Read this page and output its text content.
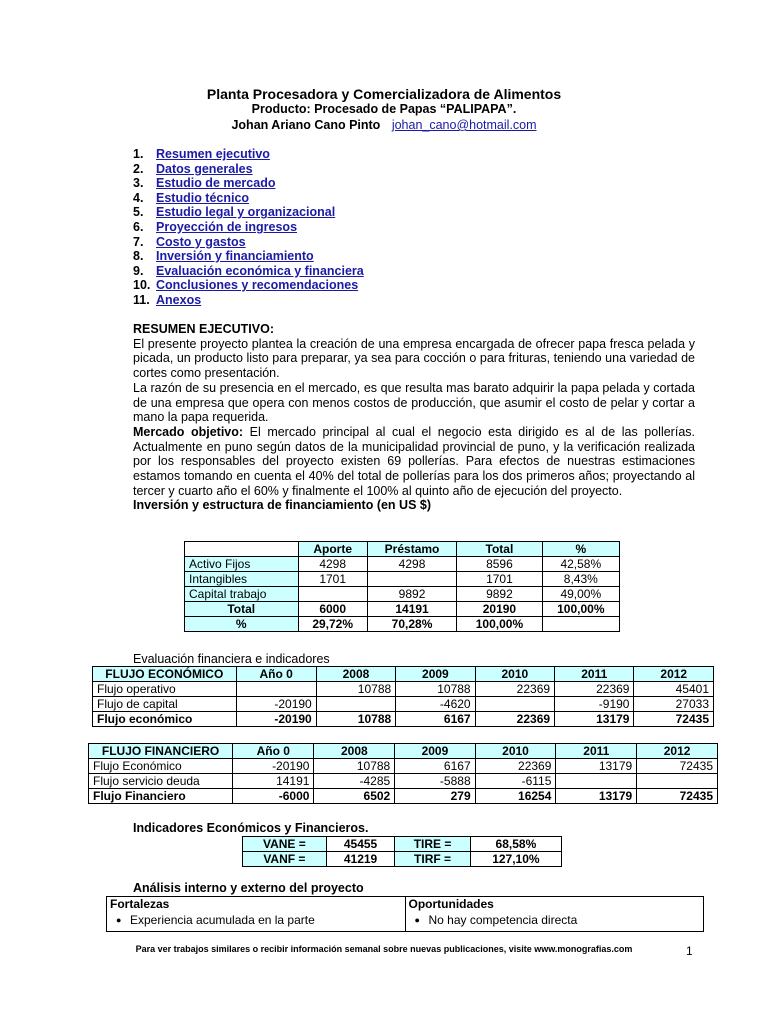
Planta Procesadora y Comercializadora de Alimentos
Producto: Procesado de Papas “PALIPAPA”.
Johan Ariano Cano Pinto johan_cano@hotmail.com
1.	Resumen ejecutivo
2.	Datos generales
3.	Estudio de mercado
4.	Estudio técnico
5.	Estudio legal y organizacional
6.	Proyección de ingresos
7.	Costo y gastos
8.	Inversión y financiamiento
9.	Evaluación económica y financiera
10. Conclusiones y recomendaciones
11. Anexos
RESUMEN EJECUTIVO:
El presente proyecto plantea la creación de una empresa encargada de ofrecer papa fresca pelada y picada, un producto listo para preparar, ya sea para cocción o para frituras, teniendo una variedad de cortes como presentación.
La razón de su presencia en el mercado, es que resulta mas barato adquirir la papa pelada y cortada de una empresa que opera con menos costos de producción, que asumir el costo de pelar y cortar a mano la papa requerida.
Mercado objetivo: El mercado principal al cual el negocio esta dirigido es al de las pollerías. Actualmente en puno según datos de la municipalidad provincial de puno, y la verificación realizada por los responsables del proyecto existen 69 pollerías. Para efectos de nuestras estimaciones estamos tomando en cuenta el 40% del total de pollerías para los dos primeros años; proyectando al tercer y cuarto año el 60% y finalmente el 100% al quinto año de ejecución del proyecto.
Inversión y estructura de financiamiento (en US $)
	Aporte	Préstamo	Total	%
Activo Fijos	4298	4298	8596	42,58%
Intangibles	1701		1701	8,43%
Capital trabajo		9892	9892	49,00%
Total	6000	14191	20190	100,00%
%	29,72%	70,28%	100,00%	
Evaluación financiera e indicadores
FLUJO ECONÓMICO	Año 0	2008	2009	2010	2011	2012
Flujo operativo		10788	10788	22369	22369	45401
Flujo de capital	-20190		-4620		-9190	27033
Flujo económico	-20190	10788	6167	22369	13179	72435
FLUJO FINANCIERO	Año 0	2008	2009	2010	2011	2012
Flujo Económico	-20190	10788	6167	22369	13179	72435
Flujo servicio deuda	14191	-4285	-5888	-6115		
Flujo Financiero	-6000	6502	279	16254	13179	72435
Indicadores Económicos y Financieros.
VANE =	45455	TIRE =	68,58%
VANF =	41219	TIRF =	127,10%
Análisis interno y externo del proyecto
Fortalezas
● Experiencia acumulada en la parte
Oportunidades
● No hay competencia directa
Para ver trabajos similares o recibir información semanal sobre nuevas publicaciones, visite www.monografias.com	1
